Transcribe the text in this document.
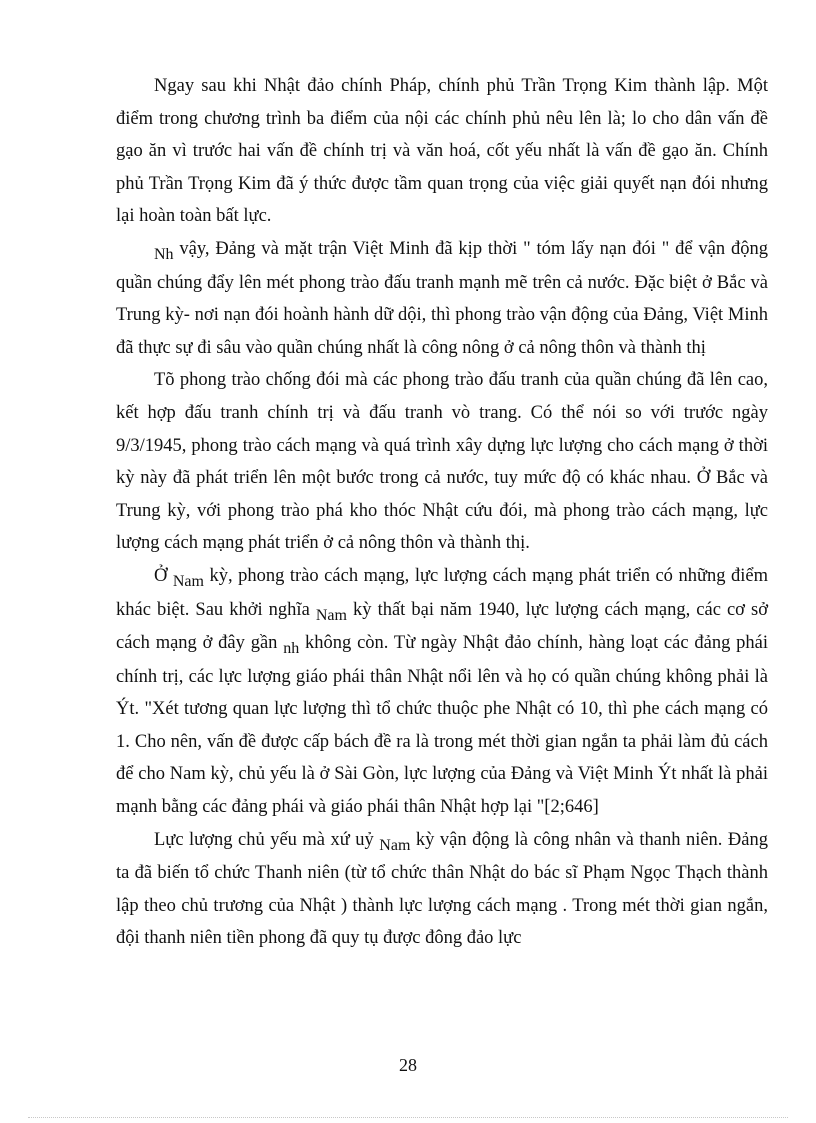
Ngay sau khi Nhật đảo chính Pháp, chính phủ Trần Trọng Kim thành lập. Một điểm trong chương trình ba điểm của nội các chính phủ nêu lên là; lo cho dân vấn đề gạo ăn vì trước hai vấn đề chính trị và văn hoá, cốt yếu nhất là vấn đề gạo ăn. Chính phủ Trần Trọng Kim đã ý thức được tầm quan trọng của việc giải quyết nạn đói nhưng lại hoàn toàn bất lực.

Nh vậy, Đảng và mặt trận Việt Minh đã kịp thời " tóm lấy nạn đói " để vận động quần chúng đẩy lên mét phong trào đấu tranh mạnh mẽ trên cả nước. Đặc biệt ở Bắc và Trung kỳ- nơi nạn đói hoành hành dữ dội, thì phong trào vận động của Đảng, Việt Minh đã thực sự đi sâu vào quần chúng nhất là công nông ở cả nông thôn và thành thị

Tõ phong trào chống đói mà các phong trào đấu tranh của quần chúng đã lên cao, kết hợp đấu tranh chính trị và đấu tranh vò trang. Có thể nói so với trước ngày 9/3/1945, phong trào cách mạng và quá trình xây dựng lực lượng cho cách mạng ở thời kỳ này đã phát triển lên một bước trong cả nước, tuy mức độ có khác nhau. Ở Bắc và Trung kỳ, với phong trào phá kho thóc Nhật cứu đói, mà phong trào cách mạng, lực lượng cách mạng phát triển ở cả nông thôn và thành thị.

Ở Nam kỳ, phong trào cách mạng, lực lượng cách mạng phát triển có những điểm khác biệt. Sau khởi nghĩa Nam kỳ thất bại năm 1940, lực lượng cách mạng, các cơ sở cách mạng ở đây gần nh không còn. Từ ngày Nhật đảo chính, hàng loạt các đảng phái chính trị, các lực lượng giáo phái thân Nhật nổi lên và họ có quần chúng không phải là Ýt. "Xét tương quan lực lượng thì tổ chức thuộc phe Nhật có 10, thì phe cách mạng có 1. Cho nên, vấn đề được cấp bách đề ra là trong mét thời gian ngắn ta phải làm đủ cách để cho Nam kỳ, chủ yếu là ở Sài Gòn, lực lượng của Đảng và Việt Minh Ýt nhất là phải mạnh bằng các đảng phái và giáo phái thân Nhật hợp lại "[2;646]

Lực lượng chủ yếu mà xứ uỷ Nam kỳ vận động là công nhân và thanh niên. Đảng ta đã biến tổ chức Thanh niên (từ tổ chức thân Nhật do bác sĩ Phạm Ngọc Thạch thành lập theo chủ trương của Nhật ) thành lực lượng cách mạng . Trong mét thời gian ngắn, đội thanh niên tiền phong đã quy tụ được đông đảo lực

28
